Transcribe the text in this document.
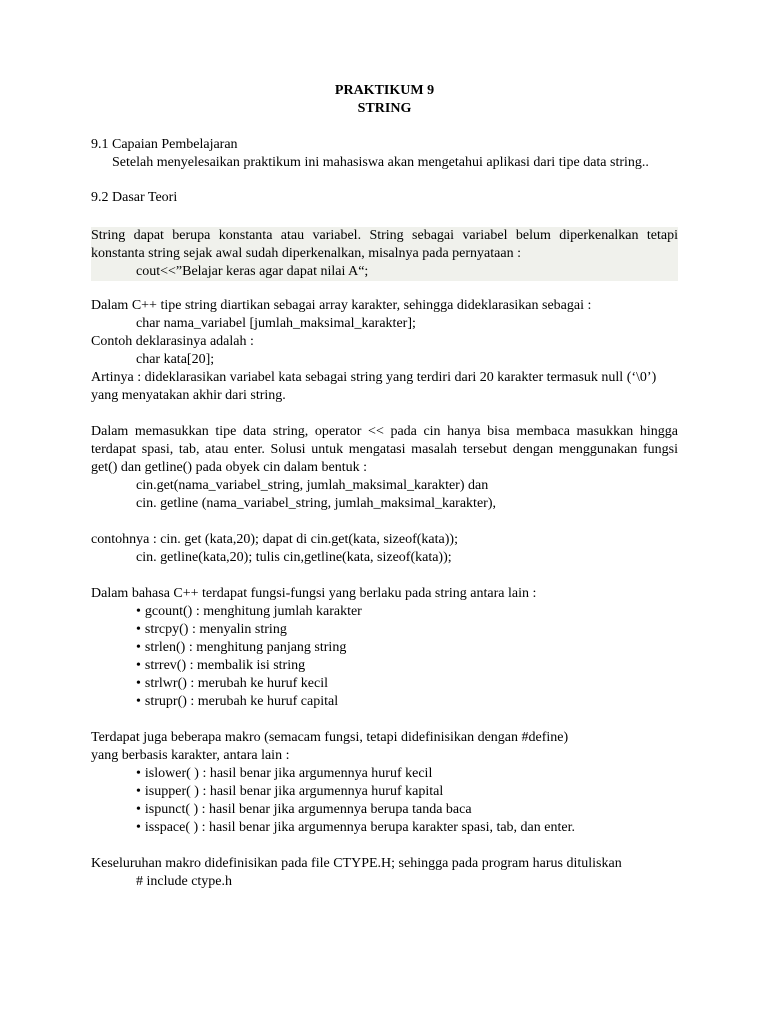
PRAKTIKUM 9
STRING
9.1 Capaian Pembelajaran
Setelah menyelesaikan praktikum ini mahasiswa akan mengetahui aplikasi dari tipe data string..
9.2 Dasar Teori
String dapat berupa konstanta atau variabel. String sebagai variabel belum diperkenalkan tetapi konstanta string sejak awal sudah diperkenalkan, misalnya pada pernyataan :
cout<<”Belajar keras agar dapat nilai A“;
Dalam C++ tipe string diartikan sebagai array karakter, sehingga dideklarasikan sebagai :
char nama_variabel [jumlah_maksimal_karakter];
Contoh deklarasinya adalah :
char kata[20];
Artinya : dideklarasikan variabel kata sebagai string yang terdiri dari 20 karakter termasuk null (‘\0’) yang menyatakan akhir dari string.
Dalam memasukkan tipe data string, operator << pada cin hanya bisa membaca masukkan hingga terdapat spasi, tab, atau enter. Solusi untuk mengatasi masalah tersebut dengan menggunakan fungsi get() dan getline() pada obyek cin dalam bentuk :
cin.get(nama_variabel_string, jumlah_maksimal_karakter) dan
cin. getline (nama_variabel_string, jumlah_maksimal_karakter),
contohnya : cin. get (kata,20); dapat di cin.get(kata, sizeof(kata));
cin. getline(kata,20); tulis cin,getline(kata, sizeof(kata));
Dalam bahasa C++ terdapat fungsi-fungsi yang berlaku pada string antara lain :
• gcount() : menghitung jumlah karakter
• strcpy() : menyalin string
• strlen() : menghitung panjang string
• strrev() : membalik isi string
• strlwr() : merubah ke huruf kecil
• strupr() : merubah ke huruf capital
Terdapat juga beberapa makro (semacam fungsi, tetapi didefinisikan dengan #define)
yang berbasis karakter, antara lain :
• islower( ) : hasil benar jika argumennya huruf kecil
• isupper( ) : hasil benar jika argumennya huruf kapital
• ispunct( ) : hasil benar jika argumennya berupa tanda baca
• isspace( ) : hasil benar jika argumennya berupa karakter spasi, tab, dan enter.
Keseluruhan makro didefinisikan pada file CTYPE.H; sehingga pada program harus dituliskan
# include ctype.h
